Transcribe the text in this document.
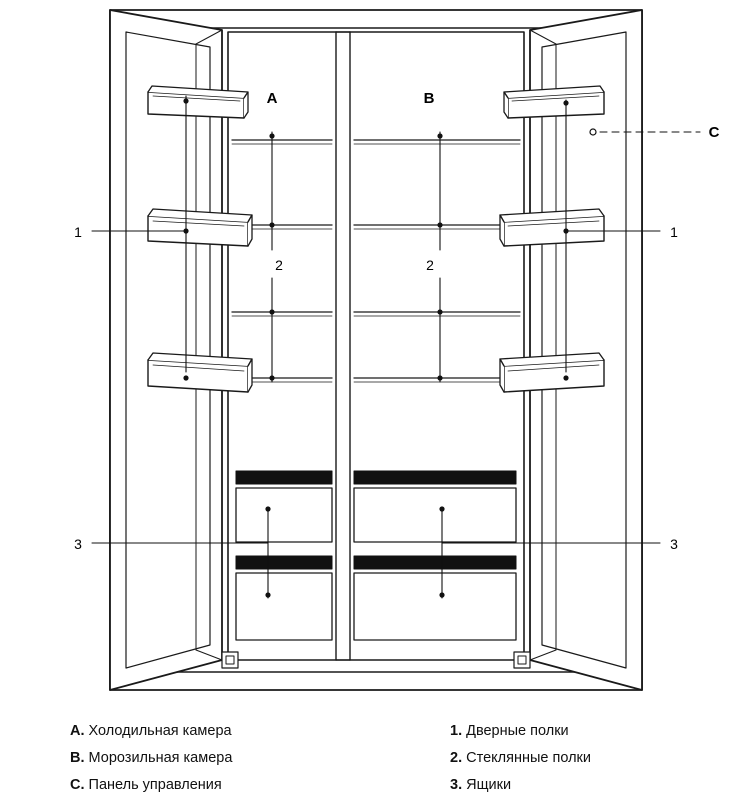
A	B
C
1	1
2	2
3	3
A. Холодильная камера
B. Морозильная камера
C. Панель управления
1. Дверные полки
2. Стеклянные полки
3. Ящики
